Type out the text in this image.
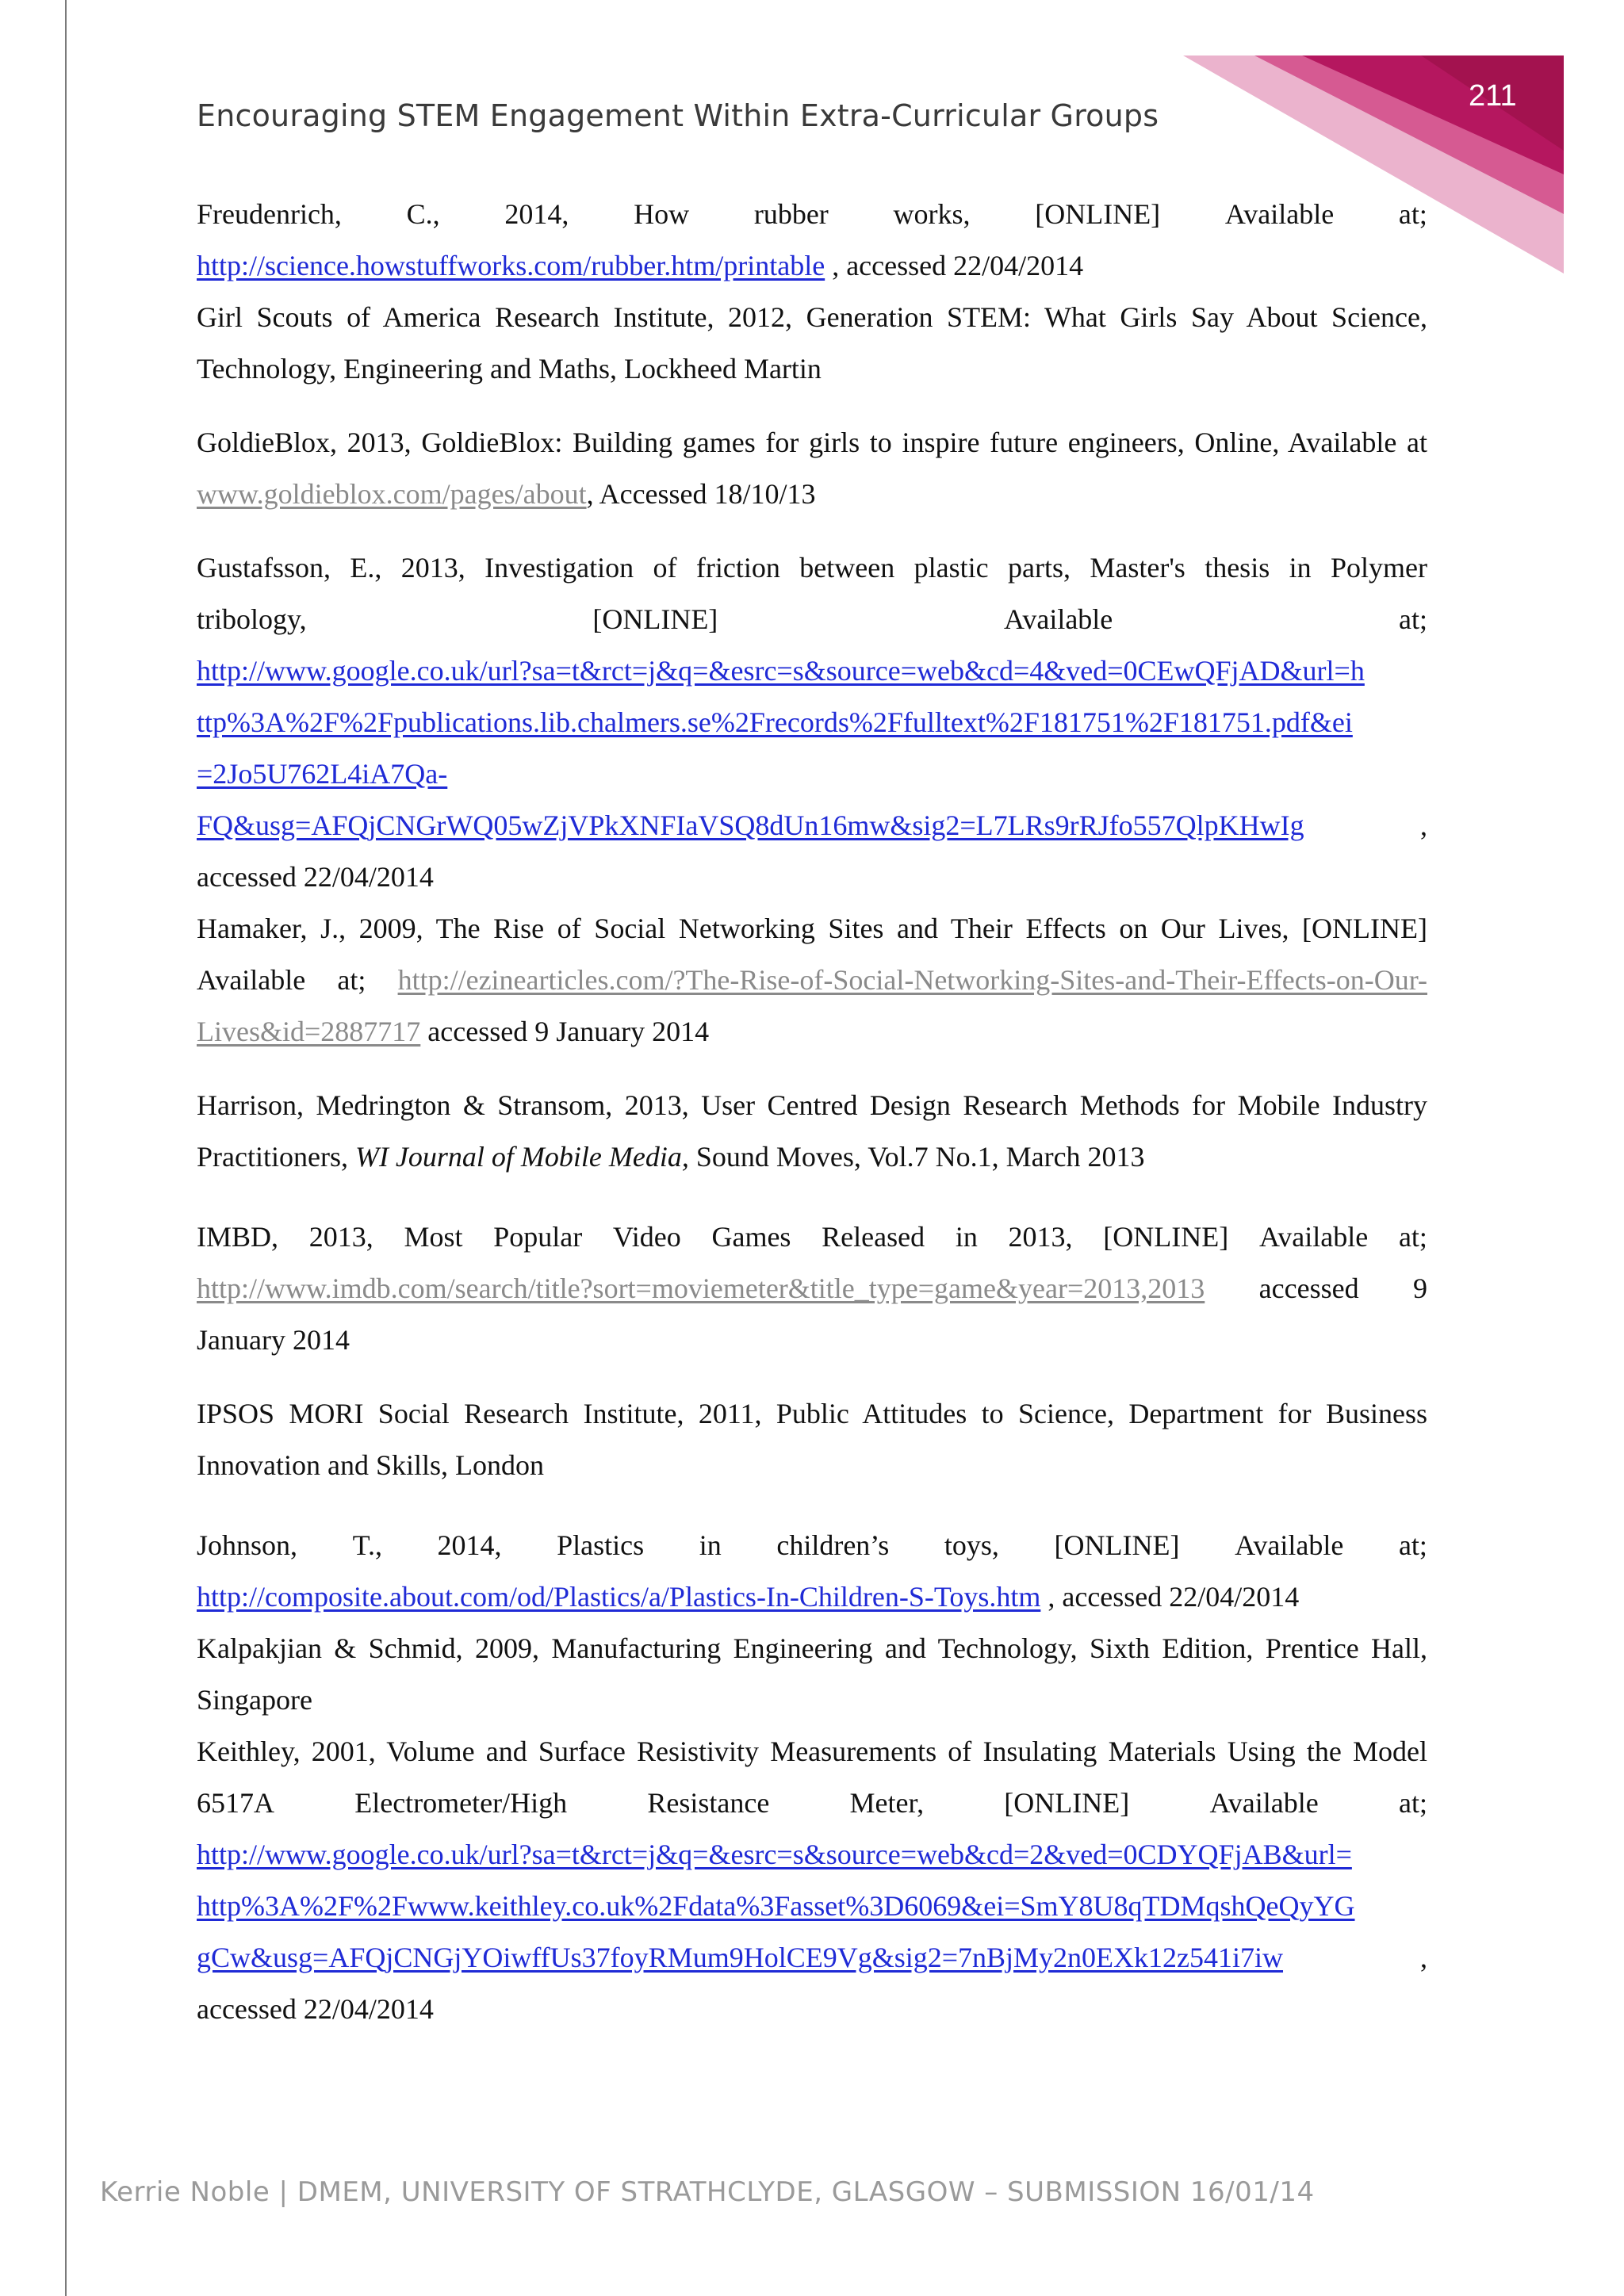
211
Encouraging STEM Engagement Within Extra-Curricular Groups
Freudenrich, C., 2014, How rubber works, [ONLINE] Available at;
http://science.howstuffworks.com/rubber.htm/printable , accessed 22/04/2014
Girl Scouts of America Research Institute, 2012, Generation STEM: What Girls Say About Science, Technology, Engineering and Maths, Lockheed Martin
GoldieBlox, 2013, GoldieBlox: Building games for girls to inspire future engineers, Online, Available at www.goldieblox.com/pages/about, Accessed 18/10/13
Gustafsson, E., 2013, Investigation of friction between plastic parts, Master's thesis in Polymer
tribology,	[ONLINE]	Available	at;
http://www.google.co.uk/url?sa=t&rct=j&q=&esrc=s&source=web&cd=4&ved=0CEwQFjAD&url=h
ttp%3A%2F%2Fpublications.lib.chalmers.se%2Frecords%2Ffulltext%2F181751%2F181751.pdf&ei
=2Jo5U762L4iA7Qa-
FQ&usg=AFQjCNGrWQ05wZjVPkXNFIaVSQ8dUn16mw&sig2=L7LRs9rRJfo557QlpKHwIg	,
accessed 22/04/2014
Hamaker, J., 2009, The Rise of Social Networking Sites and Their Effects on Our Lives, [ONLINE] Available at; http://ezinearticles.com/?The-Rise-of-Social-Networking-Sites-and-Their-Effects-on-Our-Lives&id=2887717 accessed 9 January 2014
Harrison, Medrington & Stransom, 2013, User Centred Design Research Methods for Mobile Industry Practitioners, WI Journal of Mobile Media, Sound Moves, Vol.7 No.1, March 2013
IMBD, 2013, Most Popular Video Games Released in 2013, [ONLINE] Available at;
http://www.imdb.com/search/title?sort=moviemeter&title_type=game&year=2013,2013 accessed 9
January 2014
IPSOS MORI Social Research Institute, 2011, Public Attitudes to Science, Department for Business Innovation and Skills, London
Johnson, T., 2014, Plastics in children’s toys, [ONLINE] Available at;
http://composite.about.com/od/Plastics/a/Plastics-In-Children-S-Toys.htm , accessed 22/04/2014
Kalpakjian & Schmid, 2009, Manufacturing Engineering and Technology, Sixth Edition, Prentice Hall, Singapore
Keithley, 2001, Volume and Surface Resistivity Measurements of Insulating Materials Using the Model
6517A	Electrometer/High	Resistance	Meter,	[ONLINE]	Available	at;
http://www.google.co.uk/url?sa=t&rct=j&q=&esrc=s&source=web&cd=2&ved=0CDYQFjAB&url=
http%3A%2F%2Fwww.keithley.co.uk%2Fdata%3Fasset%3D6069&ei=SmY8U8qTDMqshQeQyYG
gCw&usg=AFQjCNGjYOiwffUs37foyRMum9HolCE9Vg&sig2=7nBjMy2n0EXk12z541i7iw	,
accessed 22/04/2014
Kerrie Noble | DMEM, UNIVERSITY OF STRATHCLYDE, GLASGOW – SUBMISSION 16/01/14
